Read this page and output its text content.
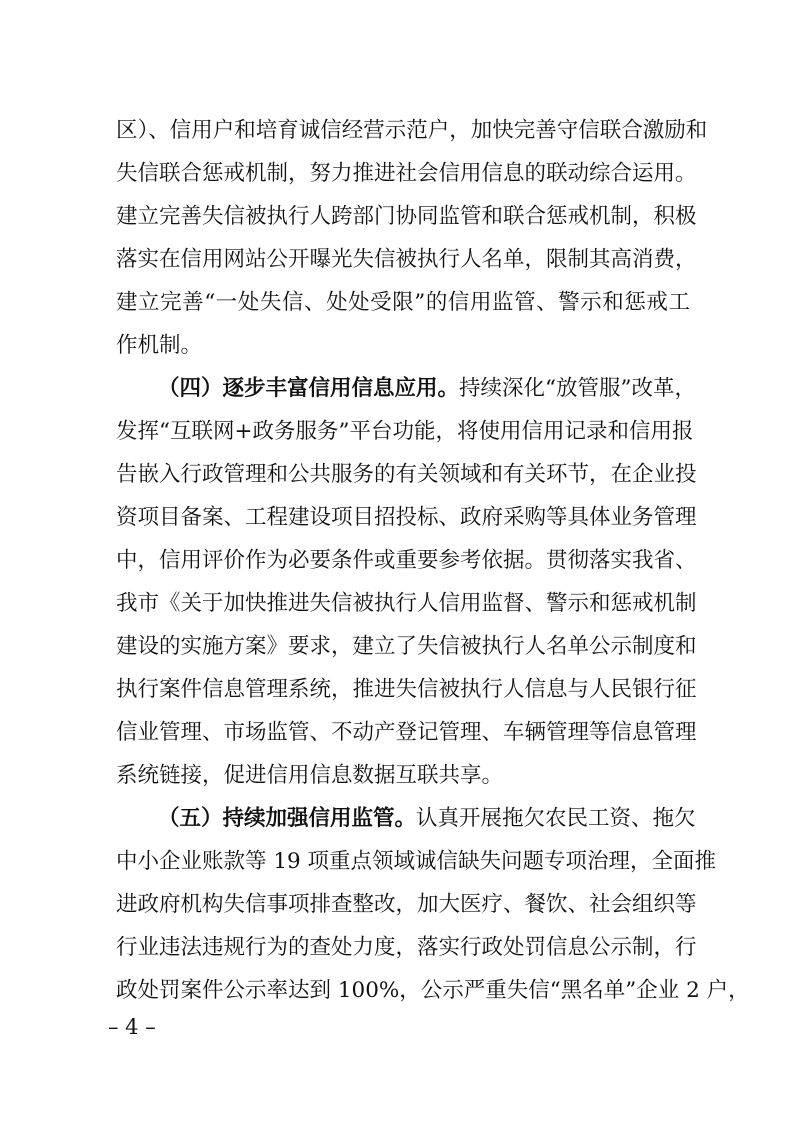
区）、信用户和培育诚信经营示范户，加快完善守信联合激励和
失信联合惩戒机制，努力推进社会信用信息的联动综合运用。
建立完善失信被执行人跨部门协同监管和联合惩戒机制，积极
落实在信用网站公开曝光失信被执行人名单，限制其高消费，
建立完善“一处失信、处处受限”的信用监管、警示和惩戒工
作机制。
（四）逐步丰富信用信息应用。持续深化“放管服”改革，
发挥“互联网+政务服务”平台功能，将使用信用记录和信用报
告嵌入行政管理和公共服务的有关领域和有关环节，在企业投
资项目备案、工程建设项目招投标、政府采购等具体业务管理
中，信用评价作为必要条件或重要参考依据。贯彻落实我省、
我市《关于加快推进失信被执行人信用监督、警示和惩戒机制
建设的实施方案》要求，建立了失信被执行人名单公示制度和
执行案件信息管理系统，推进失信被执行人信息与人民银行征
信业管理、市场监管、不动产登记管理、车辆管理等信息管理
系统链接，促进信用信息数据互联共享。
（五）持续加强信用监管。认真开展拖欠农民工资、拖欠
中小企业账款等 19 项重点领域诚信缺失问题专项治理，全面推
进政府机构失信事项排查整改，加大医疗、餐饮、社会组织等
行业违法违规行为的查处力度，落实行政处罚信息公示制，行
政处罚案件公示率达到 100%，公示严重失信“黑名单”企业 2 户，
– 4 –
